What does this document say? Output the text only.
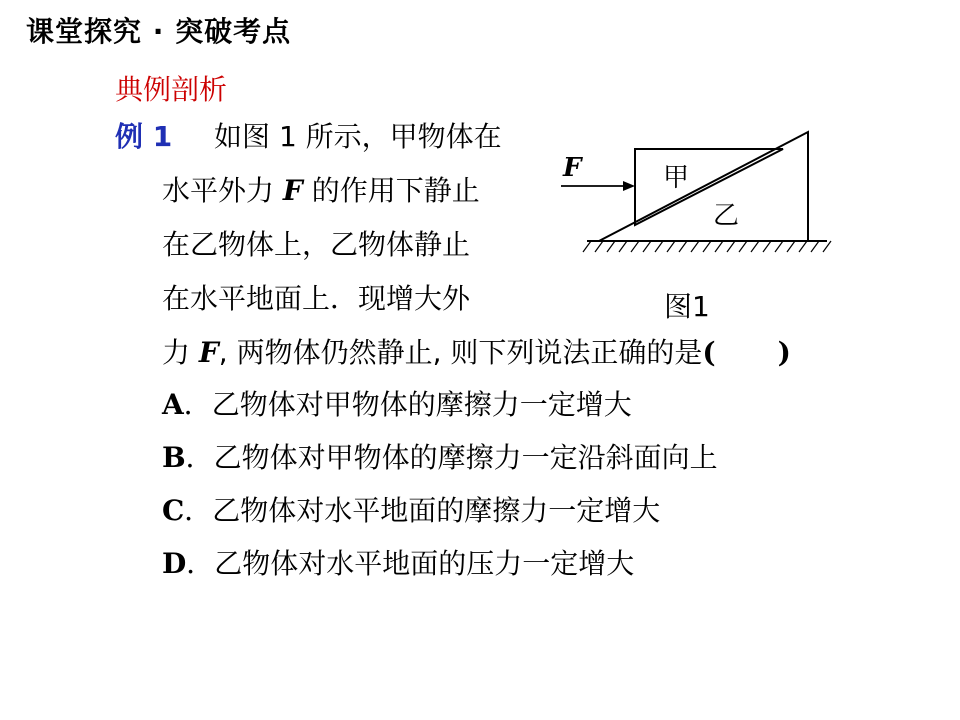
课堂探究 · 突破考点
典例剖析
例 1 如图 1 所示，甲物体在
水平外力 F 的作用下静止
在乙物体上，乙物体静止
在水平地面上．现增大外
力 F, 两物体仍然静止, 则下列说法正确的是( )
A．乙物体对甲物体的摩擦力一定增大
B．乙物体对甲物体的摩擦力一定沿斜面向上
C．乙物体对水平地面的摩擦力一定增大
D．乙物体对水平地面的压力一定增大
F	甲
乙
图1
